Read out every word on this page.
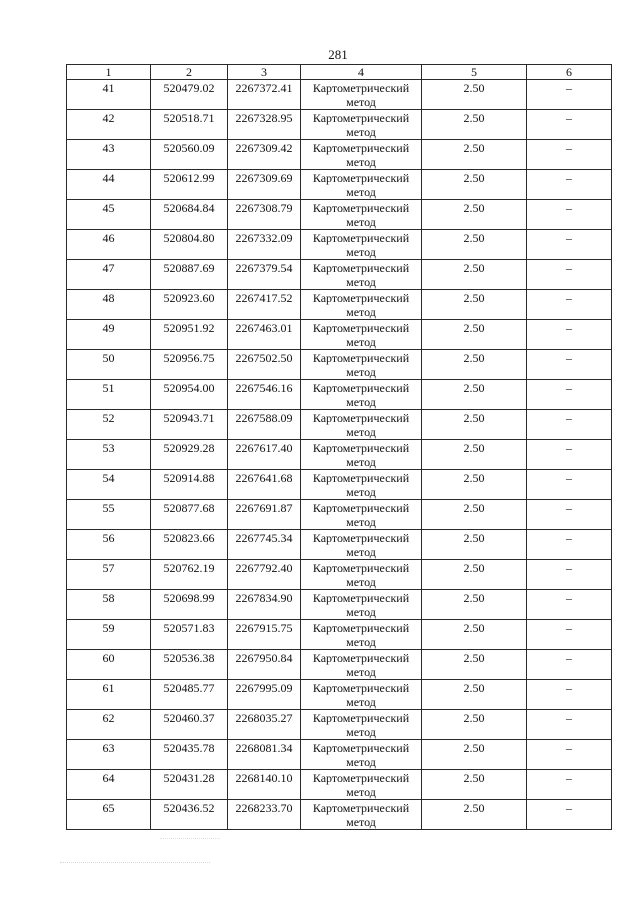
281
1	2	3	4	5	6
41	520479.02	2267372.41	Картометрический метод	2.50	–
42	520518.71	2267328.95	Картометрический метод	2.50	–
43	520560.09	2267309.42	Картометрический метод	2.50	–
44	520612.99	2267309.69	Картометрический метод	2.50	–
45	520684.84	2267308.79	Картометрический метод	2.50	–
46	520804.80	2267332.09	Картометрический метод	2.50	–
47	520887.69	2267379.54	Картометрический метод	2.50	–
48	520923.60	2267417.52	Картометрический метод	2.50	–
49	520951.92	2267463.01	Картометрический метод	2.50	–
50	520956.75	2267502.50	Картометрический метод	2.50	–
51	520954.00	2267546.16	Картометрический метод	2.50	–
52	520943.71	2267588.09	Картометрический метод	2.50	–
53	520929.28	2267617.40	Картометрический метод	2.50	–
54	520914.88	2267641.68	Картометрический метод	2.50	–
55	520877.68	2267691.87	Картометрический метод	2.50	–
56	520823.66	2267745.34	Картометрический метод	2.50	–
57	520762.19	2267792.40	Картометрический метод	2.50	–
58	520698.99	2267834.90	Картометрический метод	2.50	–
59	520571.83	2267915.75	Картометрический метод	2.50	–
60	520536.38	2267950.84	Картометрический метод	2.50	–
61	520485.77	2267995.09	Картометрический метод	2.50	–
62	520460.37	2268035.27	Картометрический метод	2.50	–
63	520435.78	2268081.34	Картометрический метод	2.50	–
64	520431.28	2268140.10	Картометрический метод	2.50	–
65	520436.52	2268233.70	Картометрический метод	2.50	–
